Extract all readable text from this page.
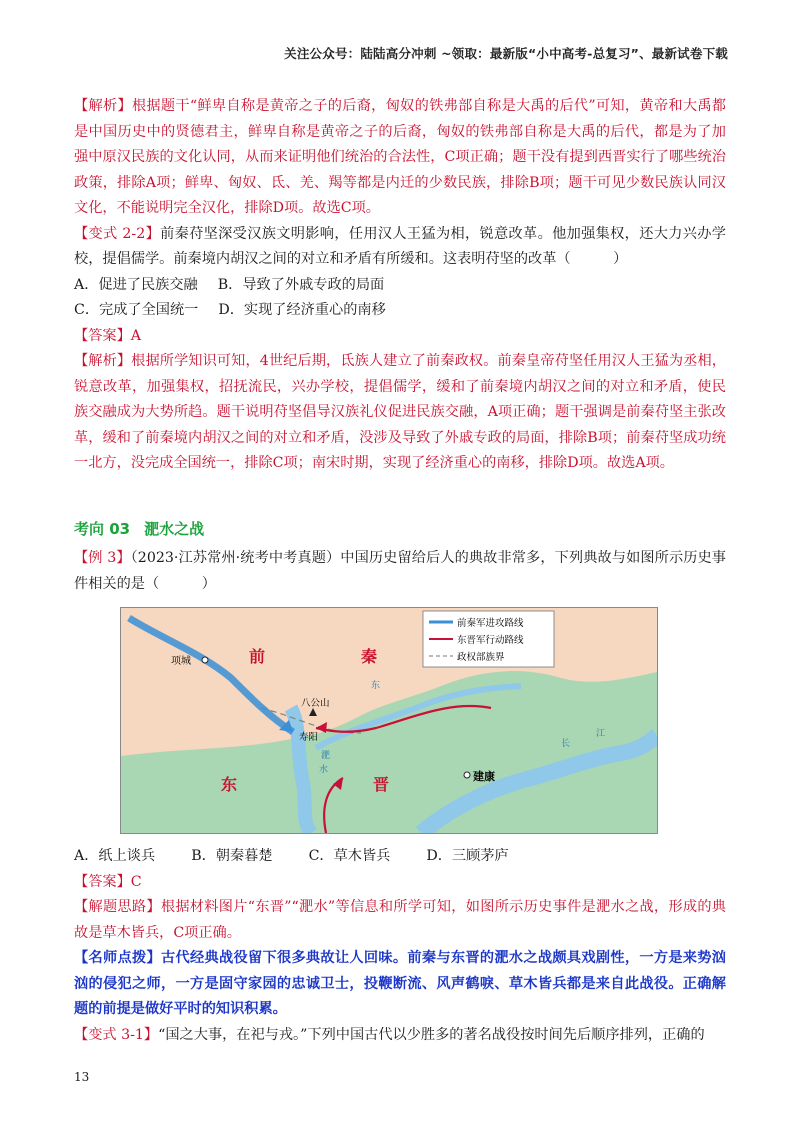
关注公众号：陆陆高分冲刺 ~领取：最新版“小中高考-总复习”、最新试卷下载

【解析】根据题干“鲜卑自称是黄帝之子的后裔，匈奴的铁弗部自称是大禹的后代”可知，黄帝和大禹都是中国历史中的贤德君主，鲜卑自称是黄帝之子的后裔，匈奴的铁弗部自称是大禹的后代，都是为了加强中原汉民族的文化认同，从而来证明他们统治的合法性，C项正确；题干没有提到西晋实行了哪些统治政策，排除A项；鲜卑、匈奴、氐、羌、羯等都是内迁的少数民族，排除B项；题干可见少数民族认同汉文化，不能说明完全汉化，排除D项。故选C项。

【变式 2-2】前秦苻坚深受汉族文明影响，任用汉人王猛为相，锐意改革。他加强集权，还大力兴办学校，提倡儒学。前秦境内胡汉之间的对立和矛盾有所缓和。这表明苻坚的改革（　　　）

A．促进了民族交融 B．导致了外戚专政的局面
C．完成了全国统一 D．实现了经济重心的南移

【答案】A

【解析】根据所学知识可知，4世纪后期，氐族人建立了前秦政权。前秦皇帝苻坚任用汉人王猛为丞相，锐意改革，加强集权，招抚流民，兴办学校，提倡儒学，缓和了前秦境内胡汉之间的对立和矛盾，使民族交融成为大势所趋。题干说明苻坚倡导汉族礼仪促进民族交融，A项正确；题干强调是前秦苻坚主张改革，缓和了前秦境内胡汉之间的对立和矛盾，没涉及导致了外戚专政的局面，排除B项；前秦苻坚成功统一北方，没完成全国统一，排除C项；南宋时期，实现了经济重心的南移，排除D项。故选A项。

考向 03 淝水之战

【例 3】（2023·江苏常州·统考中考真题）中国历史留给后人的典故非常多，下列典故与如图所示历史事件相关的是（　　　）

前秦军进攻路线
东晋军行动路线
政权部族界
前	秦
东	晋
项城
八公山
寿阳
东
淝
水
长
江
建康
A．纸上谈兵	B．朝秦暮楚	C．草木皆兵	D．三顾茅庐

【答案】C

【解题思路】根据材料图片“东晋”“淝水”等信息和所学可知，如图所示历史事件是淝水之战，形成的典故是草木皆兵，C项正确。

【名师点拨】古代经典战役留下很多典故让人回味。前秦与东晋的淝水之战颇具戏剧性，一方是来势汹汹的侵犯之师，一方是固守家园的忠诚卫士，投鞭断流、风声鹤唳、草木皆兵都是来自此战役。正确解题的前提是做好平时的知识积累。

【变式 3-1】“国之大事，在祀与戎。”下列中国古代以少胜多的著名战役按时间先后顺序排列，正确的

13
